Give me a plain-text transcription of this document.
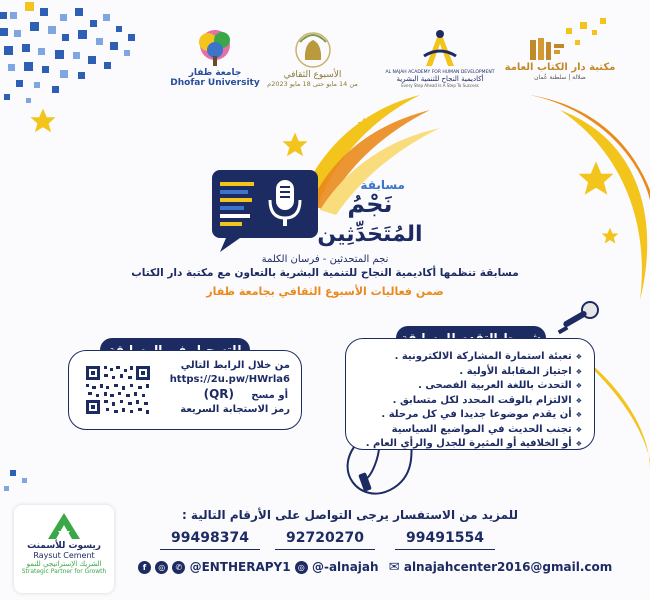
مكتبة دار الكتاب العامة
صلالة | سلطنة عُمان
AL NAJAH ACADEMY FOR HUMAN DEVELOPMENT
أكاديمية النجاح للتنمية البشرية
Every Step Ahead Is A Step To Success
الأسبوع الثقافي
من 14 مايو حتى 18 مايو 2023م
جامعة ظفار
Dhofar University
مسابقة
نَجْمُ
المُتَحَدِّثِين
نجم المتحدثين - فرسان الكلمة
مسابقة تنظمها أكاديمية النجاح للتنمية البشرية بالتعاون مع مكتبة دار الكتاب
ضمن فعاليات الأسبوع الثقافي بجامعة ظفار
من خلال الرابط التالي
https://2u.pw/HWrla6
أو مسح
(QR)
رمز الاستجابة السريعة
❖ تعبئة استمارة المشاركة الالكترونية .
❖ اجتياز المقابلة الأولية .
❖ التحدث باللغة العربية الفصحى .
❖ الالتزام بالوقت المحدد لكل متسابق .
❖ أن يقدم موضوعا جديدا في كل مرحلة .
❖ تجنب الحديث في المواضيع السياسية
❖ أو الخلافية أو المثيرة للجدل والرأي العام .
للمزيد من الاستفسار يرجى التواصل على الأرقام التالية :
99498374	92720270	99491554
f ◎ ✆ @ENTHERAPY1 ◎ @-alnajah ✉ alnajahcenter2016@gmail.com
ريسوت للأسمنت
Raysut Cement
الشريك الإستراتيجي للنمو
Strategic Partner for Growth
